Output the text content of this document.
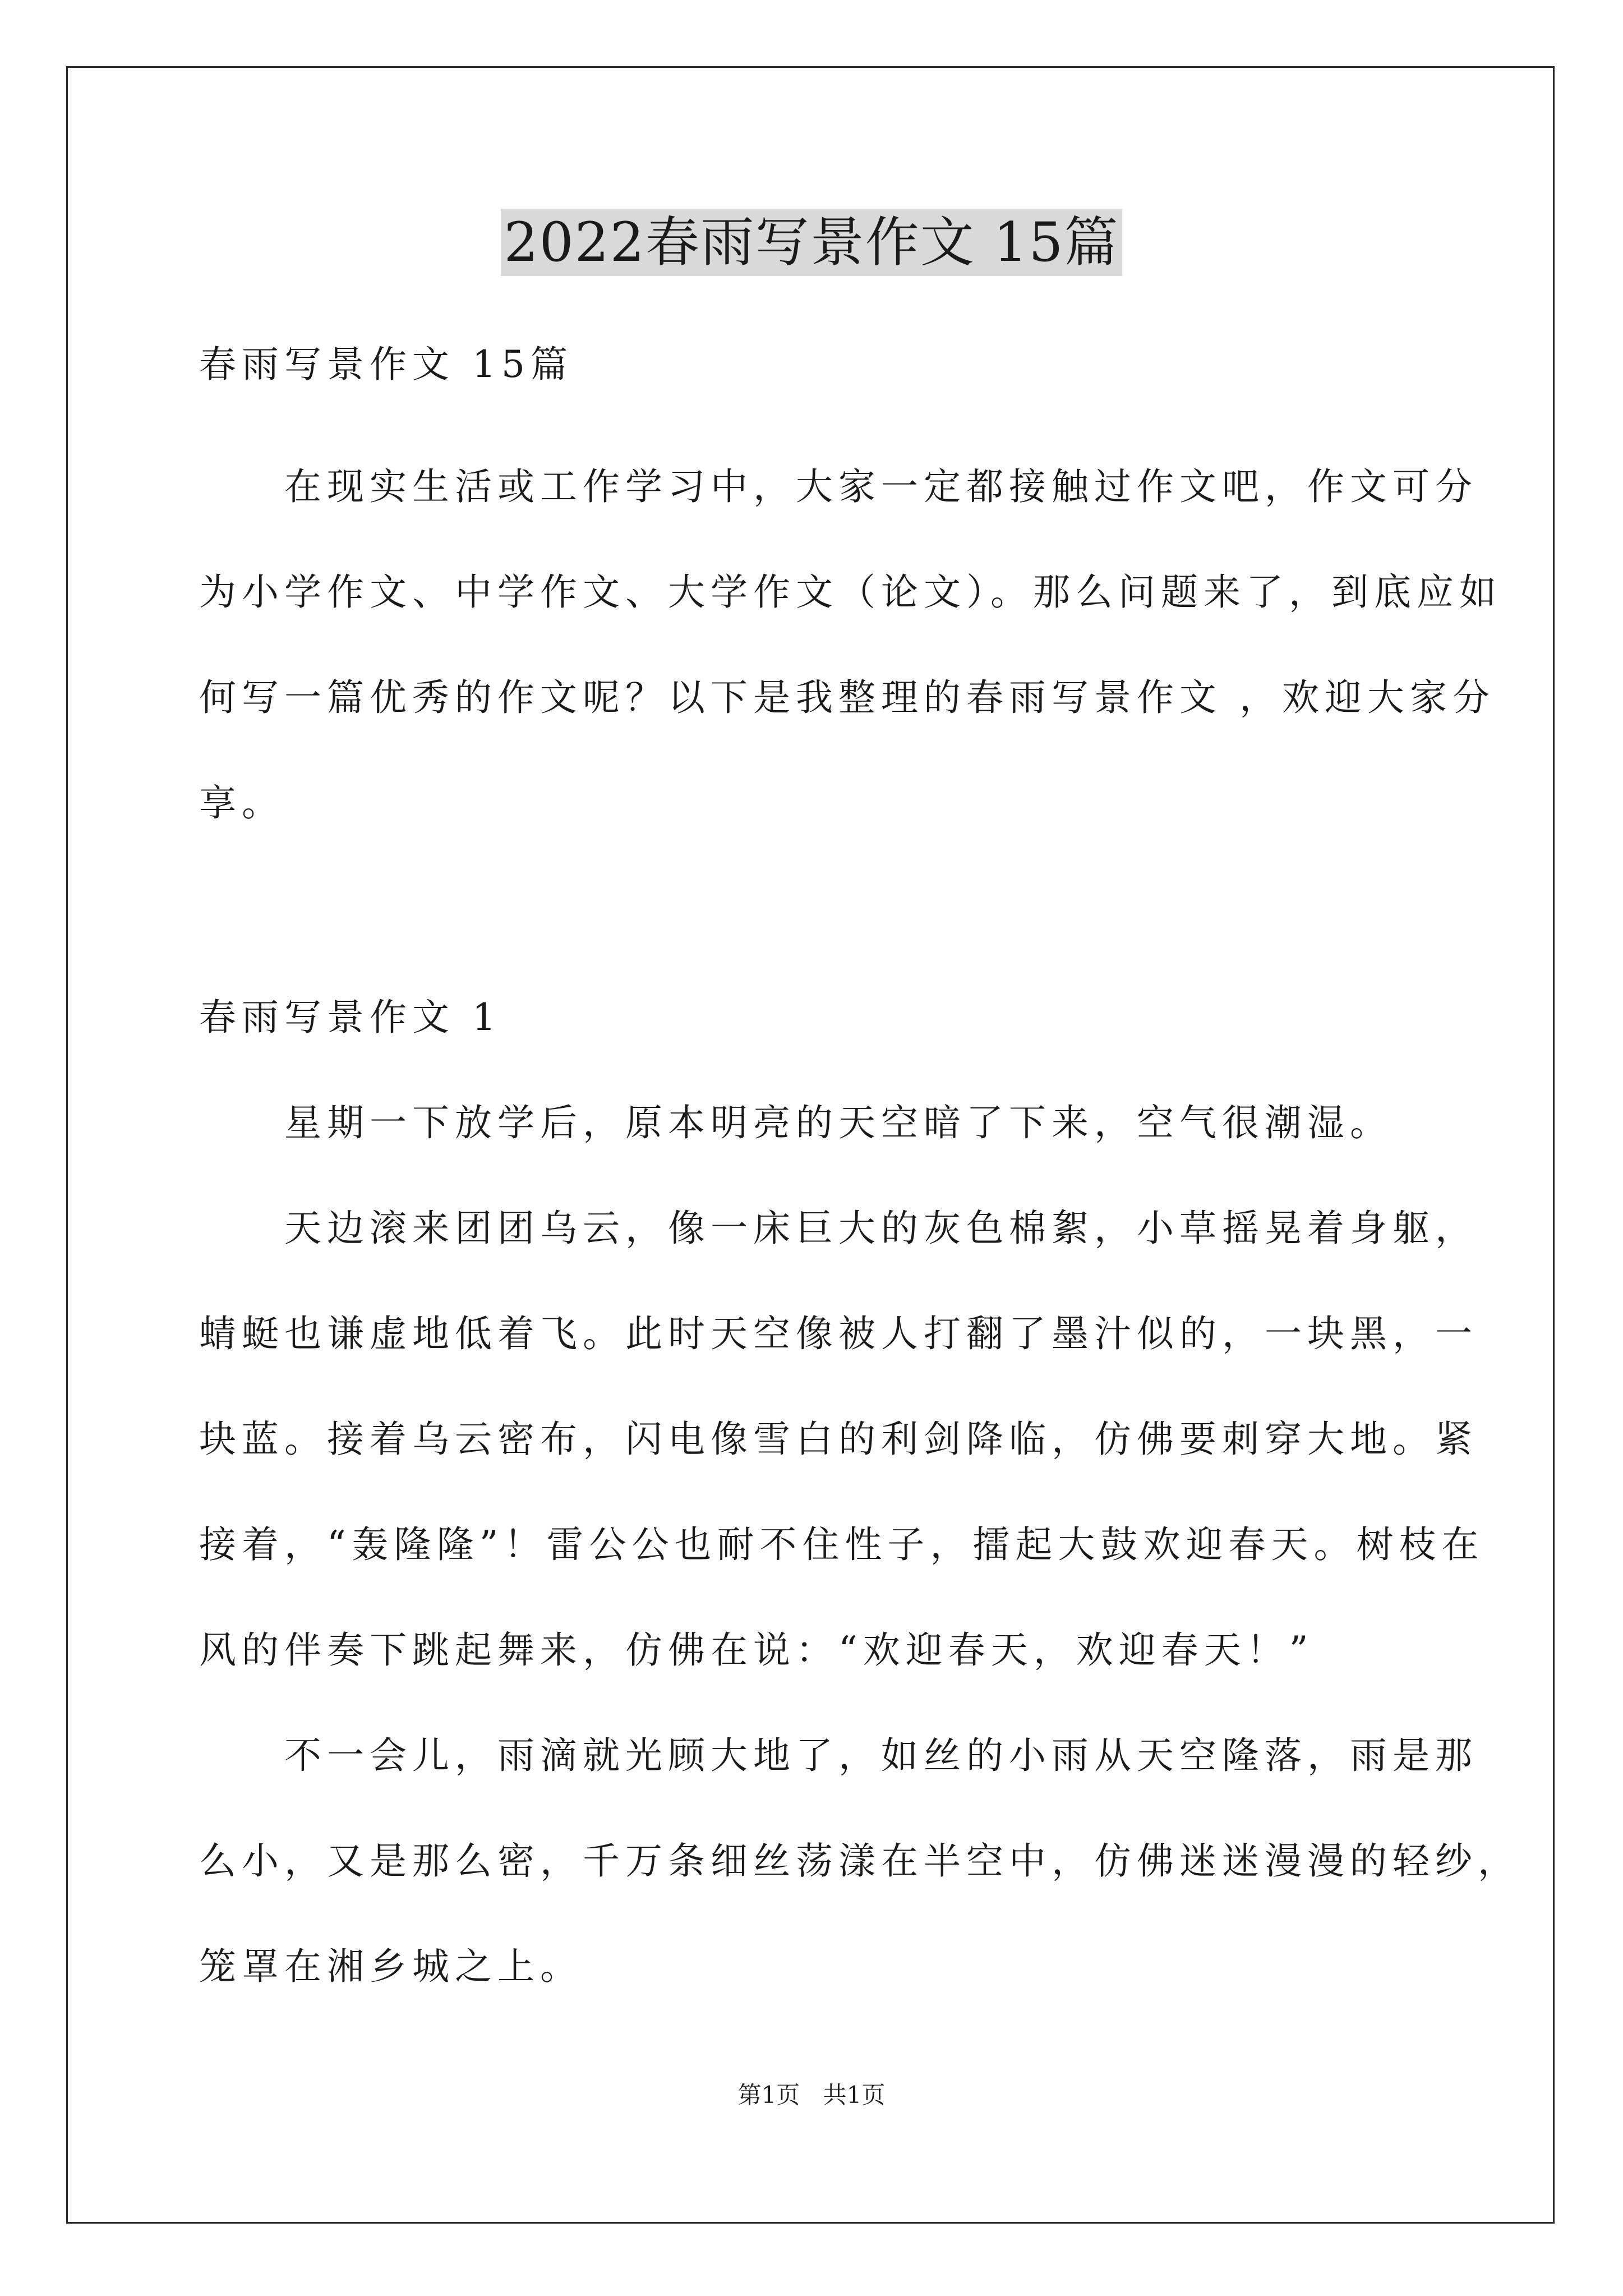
2022春雨写景作文 15篇

春雨写景作文 15篇

　　在现实生活或工作学习中，大家一定都接触过作文吧，作文可分
为小学作文、中学作文、大学作文（论文）。那么问题来了，到底应如
何写一篇优秀的作文呢？以下是我整理的春雨写景作文 ，欢迎大家分
享。

春雨写景作文 1

　　星期一下放学后，原本明亮的天空暗了下来，空气很潮湿。
　　天边滚来团团乌云，像一床巨大的灰色棉絮，小草摇晃着身躯，
蜻蜓也谦虚地低着飞。此时天空像被人打翻了墨汁似的，一块黑，一
块蓝。接着乌云密布，闪电像雪白的利剑降临，仿佛要刺穿大地。紧
接着，“轰隆隆”！雷公公也耐不住性子，擂起大鼓欢迎春天。树枝在
风的伴奏下跳起舞来，仿佛在说：“欢迎春天，欢迎春天！”
　　不一会儿，雨滴就光顾大地了，如丝的小雨从天空隆落，雨是那
么小，又是那么密，千万条细丝荡漾在半空中，仿佛迷迷漫漫的轻纱，
笼罩在湘乡城之上。

第1页 共1页
